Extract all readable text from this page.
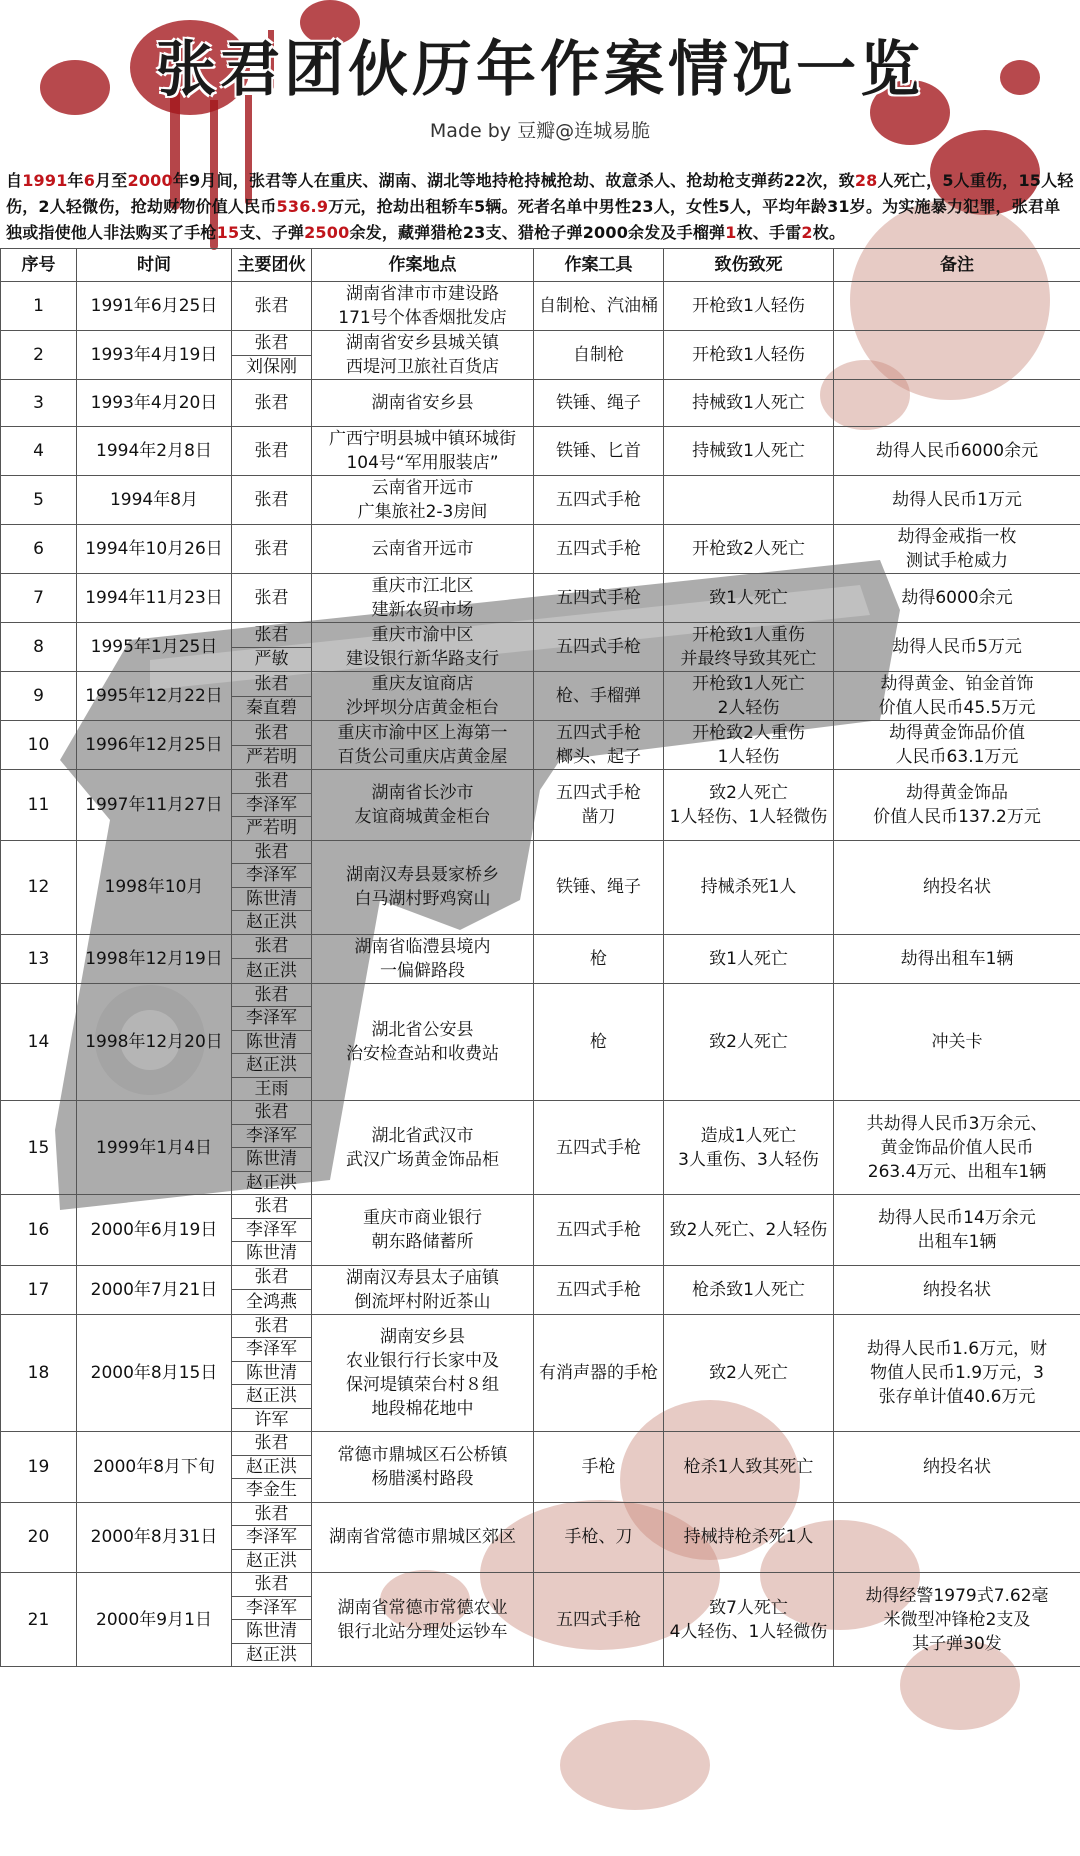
张君团伙历年作案情况一览
Made by 豆瓣@连城易脆
自1991年6月至2000年9月间，张君等人在重庆、湖南、湖北等地持枪持械抢劫、故意杀人、抢劫枪支弹药22次，致28人死亡，5人重伤，15人轻伤，2人轻微伤，抢劫财物价值人民币536.9万元，抢劫出租轿车5辆。死者名单中男性23人，女性5人，平均年龄31岁。为实施暴力犯罪，张君单独或指使他人非法购买了手枪15支、子弹2500余发，藏弹猎枪23支、猎枪子弹2000余发及手榴弹1枚、手雷2枚。
序号	时间	主要团伙	作案地点	作案工具	致伤致死	备注
1	1991年6月25日	张君	湖南省津市市建设路
171号个体香烟批发店	自制枪、汽油桶	开枪致1人轻伤	
2	1993年4月19日	张君	湖南省安乡县城关镇
西堤河卫旅社百货店	自制枪	开枪致1人轻伤	
		刘保刚				
3	1993年4月20日	张君	湖南省安乡县	铁锤、绳子	持械致1人死亡	
4	1994年2月8日	张君	广西宁明县城中镇环城街
104号“军用服装店”	铁锤、匕首	持械致1人死亡	劫得人民币6000余元
5	1994年8月	张君	云南省开远市
广集旅社2-3房间	五四式手枪		劫得人民币1万元
6	1994年10月26日	张君	云南省开远市	五四式手枪	开枪致2人死亡	劫得金戒指一枚
测试手枪威力
7	1994年11月23日	张君	重庆市江北区
建新农贸市场	五四式手枪	致1人死亡	劫得6000余元
8	1995年1月25日	张君	重庆市渝中区
建设银行新华路支行	五四式手枪	开枪致1人重伤
并最终导致其死亡	劫得人民币5万元
		严敏				
9	1995年12月22日	张君	重庆友谊商店
沙坪坝分店黄金柜台	枪、手榴弹	开枪致1人死亡
2人轻伤	劫得黄金、铂金首饰
价值人民币45.5万元
		秦直碧				
10	1996年12月25日	张君	重庆市渝中区上海第一
百货公司重庆店黄金屋	五四式手枪
榔头、起子	开枪致2人重伤
1人轻伤	劫得黄金饰品价值
人民币63.1万元
		严若明				
11	1997年11月27日	张君	湖南省长沙市
友谊商城黄金柜台	五四式手枪
凿刀	致2人死亡
1人轻伤、1人轻微伤	劫得黄金饰品
价值人民币137.2万元
		李泽军				
		严若明				
12	1998年10月	张君	湖南汉寿县聂家桥乡
白马湖村野鸡窝山	铁锤、绳子	持械杀死1人	纳投名状
		李泽军				
		陈世清				
		赵正洪				
13	1998年12月19日	张君	湖南省临澧县境内
一偏僻路段	枪	致1人死亡	劫得出租车1辆
		赵正洪				
14	1998年12月20日	张君	湖北省公安县
治安检查站和收费站	枪	致2人死亡	冲关卡
		李泽军				
		陈世清				
		赵正洪				
		王雨				
15	1999年1月4日	张君	湖北省武汉市
武汉广场黄金饰品柜	五四式手枪	造成1人死亡
3人重伤、3人轻伤	共劫得人民币3万余元、
黄金饰品价值人民币
263.4万元、出租车1辆
		李泽军				
		陈世清				
		赵正洪				
16	2000年6月19日	张君	重庆市商业银行
朝东路储蓄所	五四式手枪	致2人死亡、2人轻伤	劫得人民币14万余元
出租车1辆
		李泽军				
		陈世清				
17	2000年7月21日	张君	湖南汉寿县太子庙镇
倒流坪村附近茶山	五四式手枪	枪杀致1人死亡	纳投名状
		全鸿燕				
18	2000年8月15日	张君	湖南安乡县
农业银行行长家中及
保河堤镇荣台村８组
地段棉花地中	有消声器的手枪	致2人死亡	劫得人民币1.6万元，财
物值人民币1.9万元，3
张存单计值40.6万元
		李泽军				
		陈世清				
		赵正洪				
		许军				
19	2000年8月下旬	张君	常德市鼎城区石公桥镇
杨腊溪村路段	手枪	枪杀1人致其死亡	纳投名状
		赵正洪				
		李金生				
20	2000年8月31日	张君	湖南省常德市鼎城区郊区	手枪、刀	持械持枪杀死1人	
		李泽军				
		赵正洪				
21	2000年9月1日	张君	湖南省常德市常德农业
银行北站分理处运钞车	五四式手枪	致7人死亡
4人轻伤、1人轻微伤	劫得经警1979式7.62毫
米微型冲锋枪2支及
其子弹30发
		李泽军				
		陈世清				
		赵正洪				
